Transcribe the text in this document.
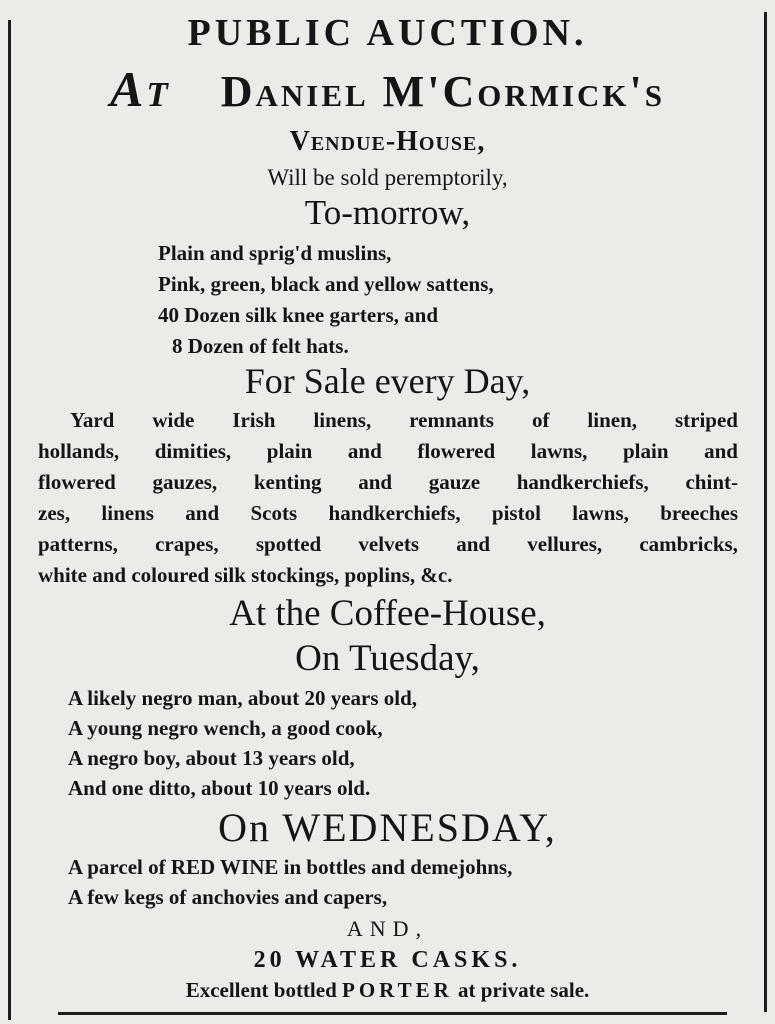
PUBLIC AUCTION.
At Daniel M'Cormick's
Vendue-House,
Will be sold peremptorily,
To-morrow,
Plain and sprig'd muslins,
Pink, green, black and yellow sattens,
40 Dozen silk knee garters, and
8 Dozen of felt hats.
For Sale every Day,
Yard wide Irish linens, remnants of linen, striped
hollands, dimities, plain and flowered lawns, plain and
flowered gauzes, kenting and gauze handkerchiefs, chint-
zes, linens and Scots handkerchiefs, pistol lawns, breeches
patterns, crapes, spotted velvets and vellures, cambricks,
white and coloured silk stockings, poplins, &c.
At the Coffee-House,
On Tuesday,
A likely negro man, about 20 years old,
A young negro wench, a good cook,
A negro boy, about 13 years old,
And one ditto, about 10 years old.
On WEDNESDAY,
A parcel of RED WINE in bottles and demejohns,
A few kegs of anchovies and capers,
AND,
20 WATER CASKS.
Excellent bottled PORTER at private sale.
